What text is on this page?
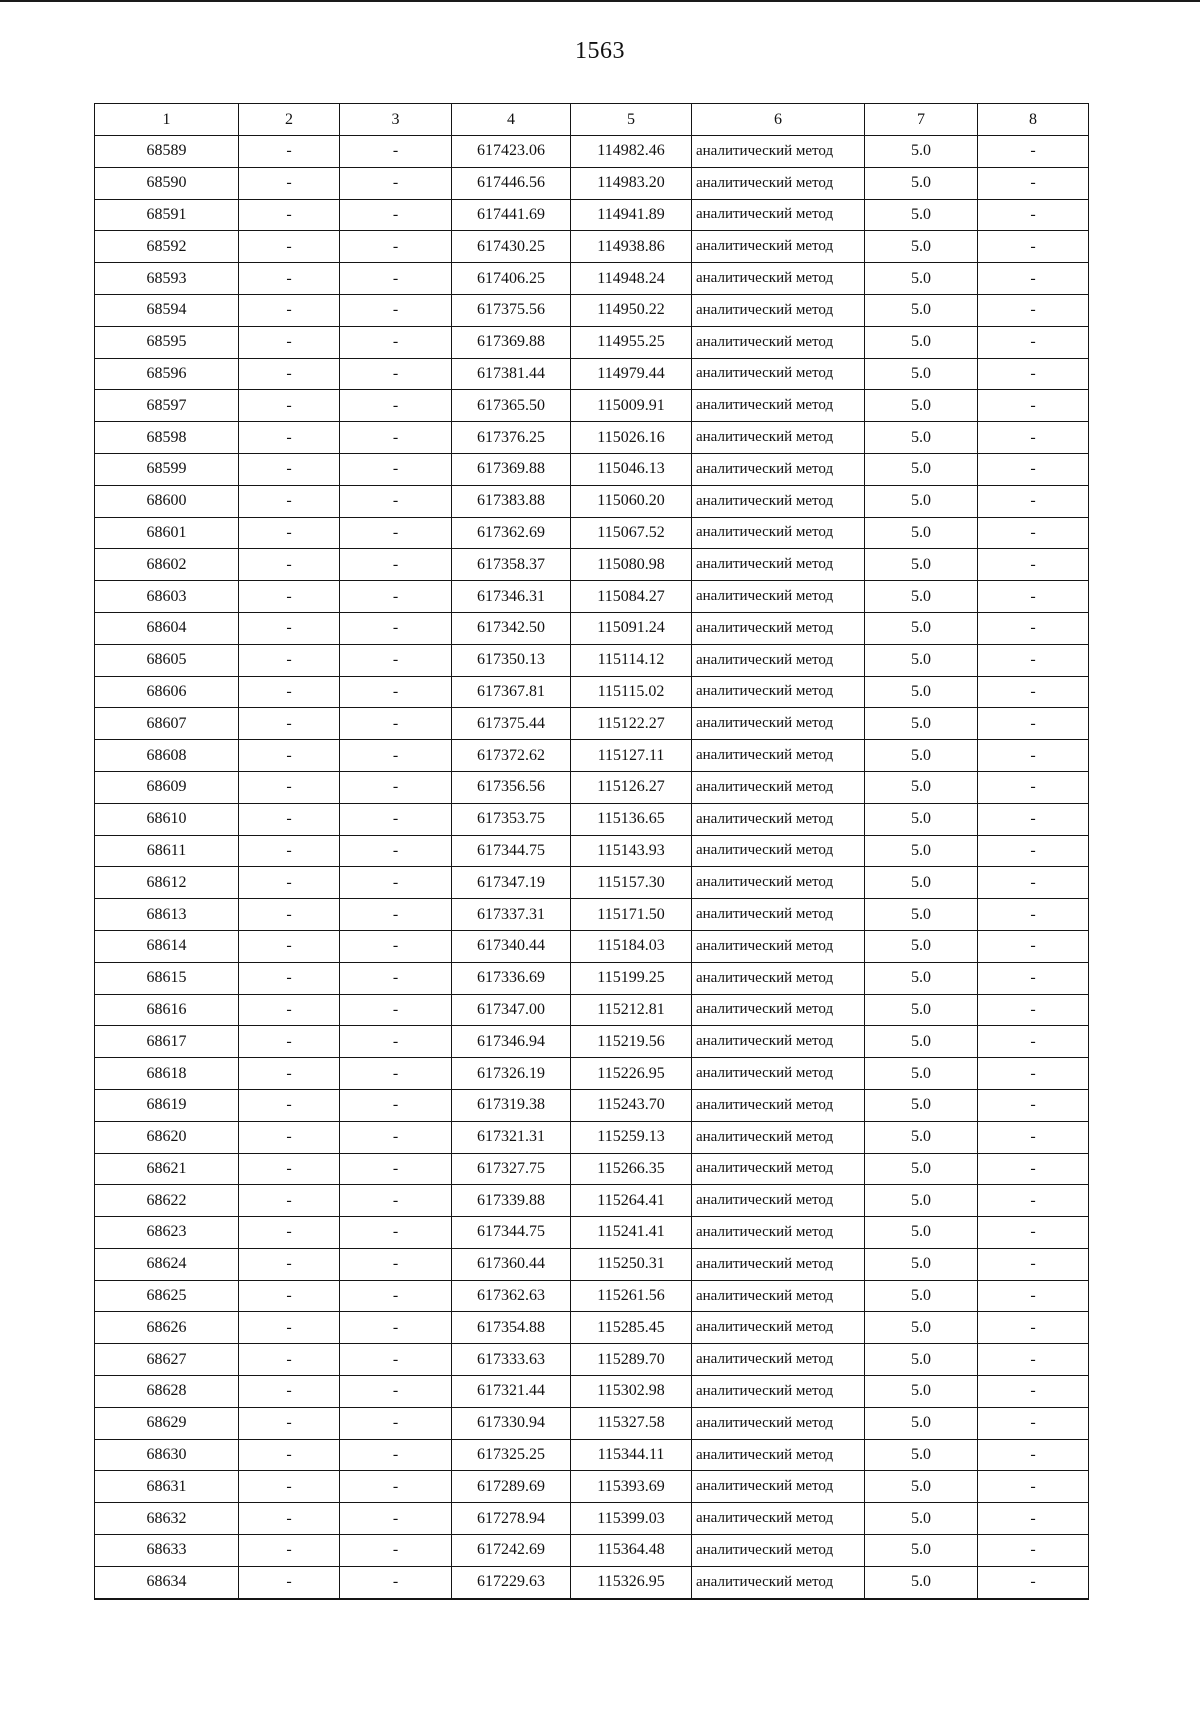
1563
1	2	3	4	5	6	7	8
68589	-	-	617423.06	114982.46	аналитический метод	5.0	-
68590	-	-	617446.56	114983.20	аналитический метод	5.0	-
68591	-	-	617441.69	114941.89	аналитический метод	5.0	-
68592	-	-	617430.25	114938.86	аналитический метод	5.0	-
68593	-	-	617406.25	114948.24	аналитический метод	5.0	-
68594	-	-	617375.56	114950.22	аналитический метод	5.0	-
68595	-	-	617369.88	114955.25	аналитический метод	5.0	-
68596	-	-	617381.44	114979.44	аналитический метод	5.0	-
68597	-	-	617365.50	115009.91	аналитический метод	5.0	-
68598	-	-	617376.25	115026.16	аналитический метод	5.0	-
68599	-	-	617369.88	115046.13	аналитический метод	5.0	-
68600	-	-	617383.88	115060.20	аналитический метод	5.0	-
68601	-	-	617362.69	115067.52	аналитический метод	5.0	-
68602	-	-	617358.37	115080.98	аналитический метод	5.0	-
68603	-	-	617346.31	115084.27	аналитический метод	5.0	-
68604	-	-	617342.50	115091.24	аналитический метод	5.0	-
68605	-	-	617350.13	115114.12	аналитический метод	5.0	-
68606	-	-	617367.81	115115.02	аналитический метод	5.0	-
68607	-	-	617375.44	115122.27	аналитический метод	5.0	-
68608	-	-	617372.62	115127.11	аналитический метод	5.0	-
68609	-	-	617356.56	115126.27	аналитический метод	5.0	-
68610	-	-	617353.75	115136.65	аналитический метод	5.0	-
68611	-	-	617344.75	115143.93	аналитический метод	5.0	-
68612	-	-	617347.19	115157.30	аналитический метод	5.0	-
68613	-	-	617337.31	115171.50	аналитический метод	5.0	-
68614	-	-	617340.44	115184.03	аналитический метод	5.0	-
68615	-	-	617336.69	115199.25	аналитический метод	5.0	-
68616	-	-	617347.00	115212.81	аналитический метод	5.0	-
68617	-	-	617346.94	115219.56	аналитический метод	5.0	-
68618	-	-	617326.19	115226.95	аналитический метод	5.0	-
68619	-	-	617319.38	115243.70	аналитический метод	5.0	-
68620	-	-	617321.31	115259.13	аналитический метод	5.0	-
68621	-	-	617327.75	115266.35	аналитический метод	5.0	-
68622	-	-	617339.88	115264.41	аналитический метод	5.0	-
68623	-	-	617344.75	115241.41	аналитический метод	5.0	-
68624	-	-	617360.44	115250.31	аналитический метод	5.0	-
68625	-	-	617362.63	115261.56	аналитический метод	5.0	-
68626	-	-	617354.88	115285.45	аналитический метод	5.0	-
68627	-	-	617333.63	115289.70	аналитический метод	5.0	-
68628	-	-	617321.44	115302.98	аналитический метод	5.0	-
68629	-	-	617330.94	115327.58	аналитический метод	5.0	-
68630	-	-	617325.25	115344.11	аналитический метод	5.0	-
68631	-	-	617289.69	115393.69	аналитический метод	5.0	-
68632	-	-	617278.94	115399.03	аналитический метод	5.0	-
68633	-	-	617242.69	115364.48	аналитический метод	5.0	-
68634	-	-	617229.63	115326.95	аналитический метод	5.0	-
